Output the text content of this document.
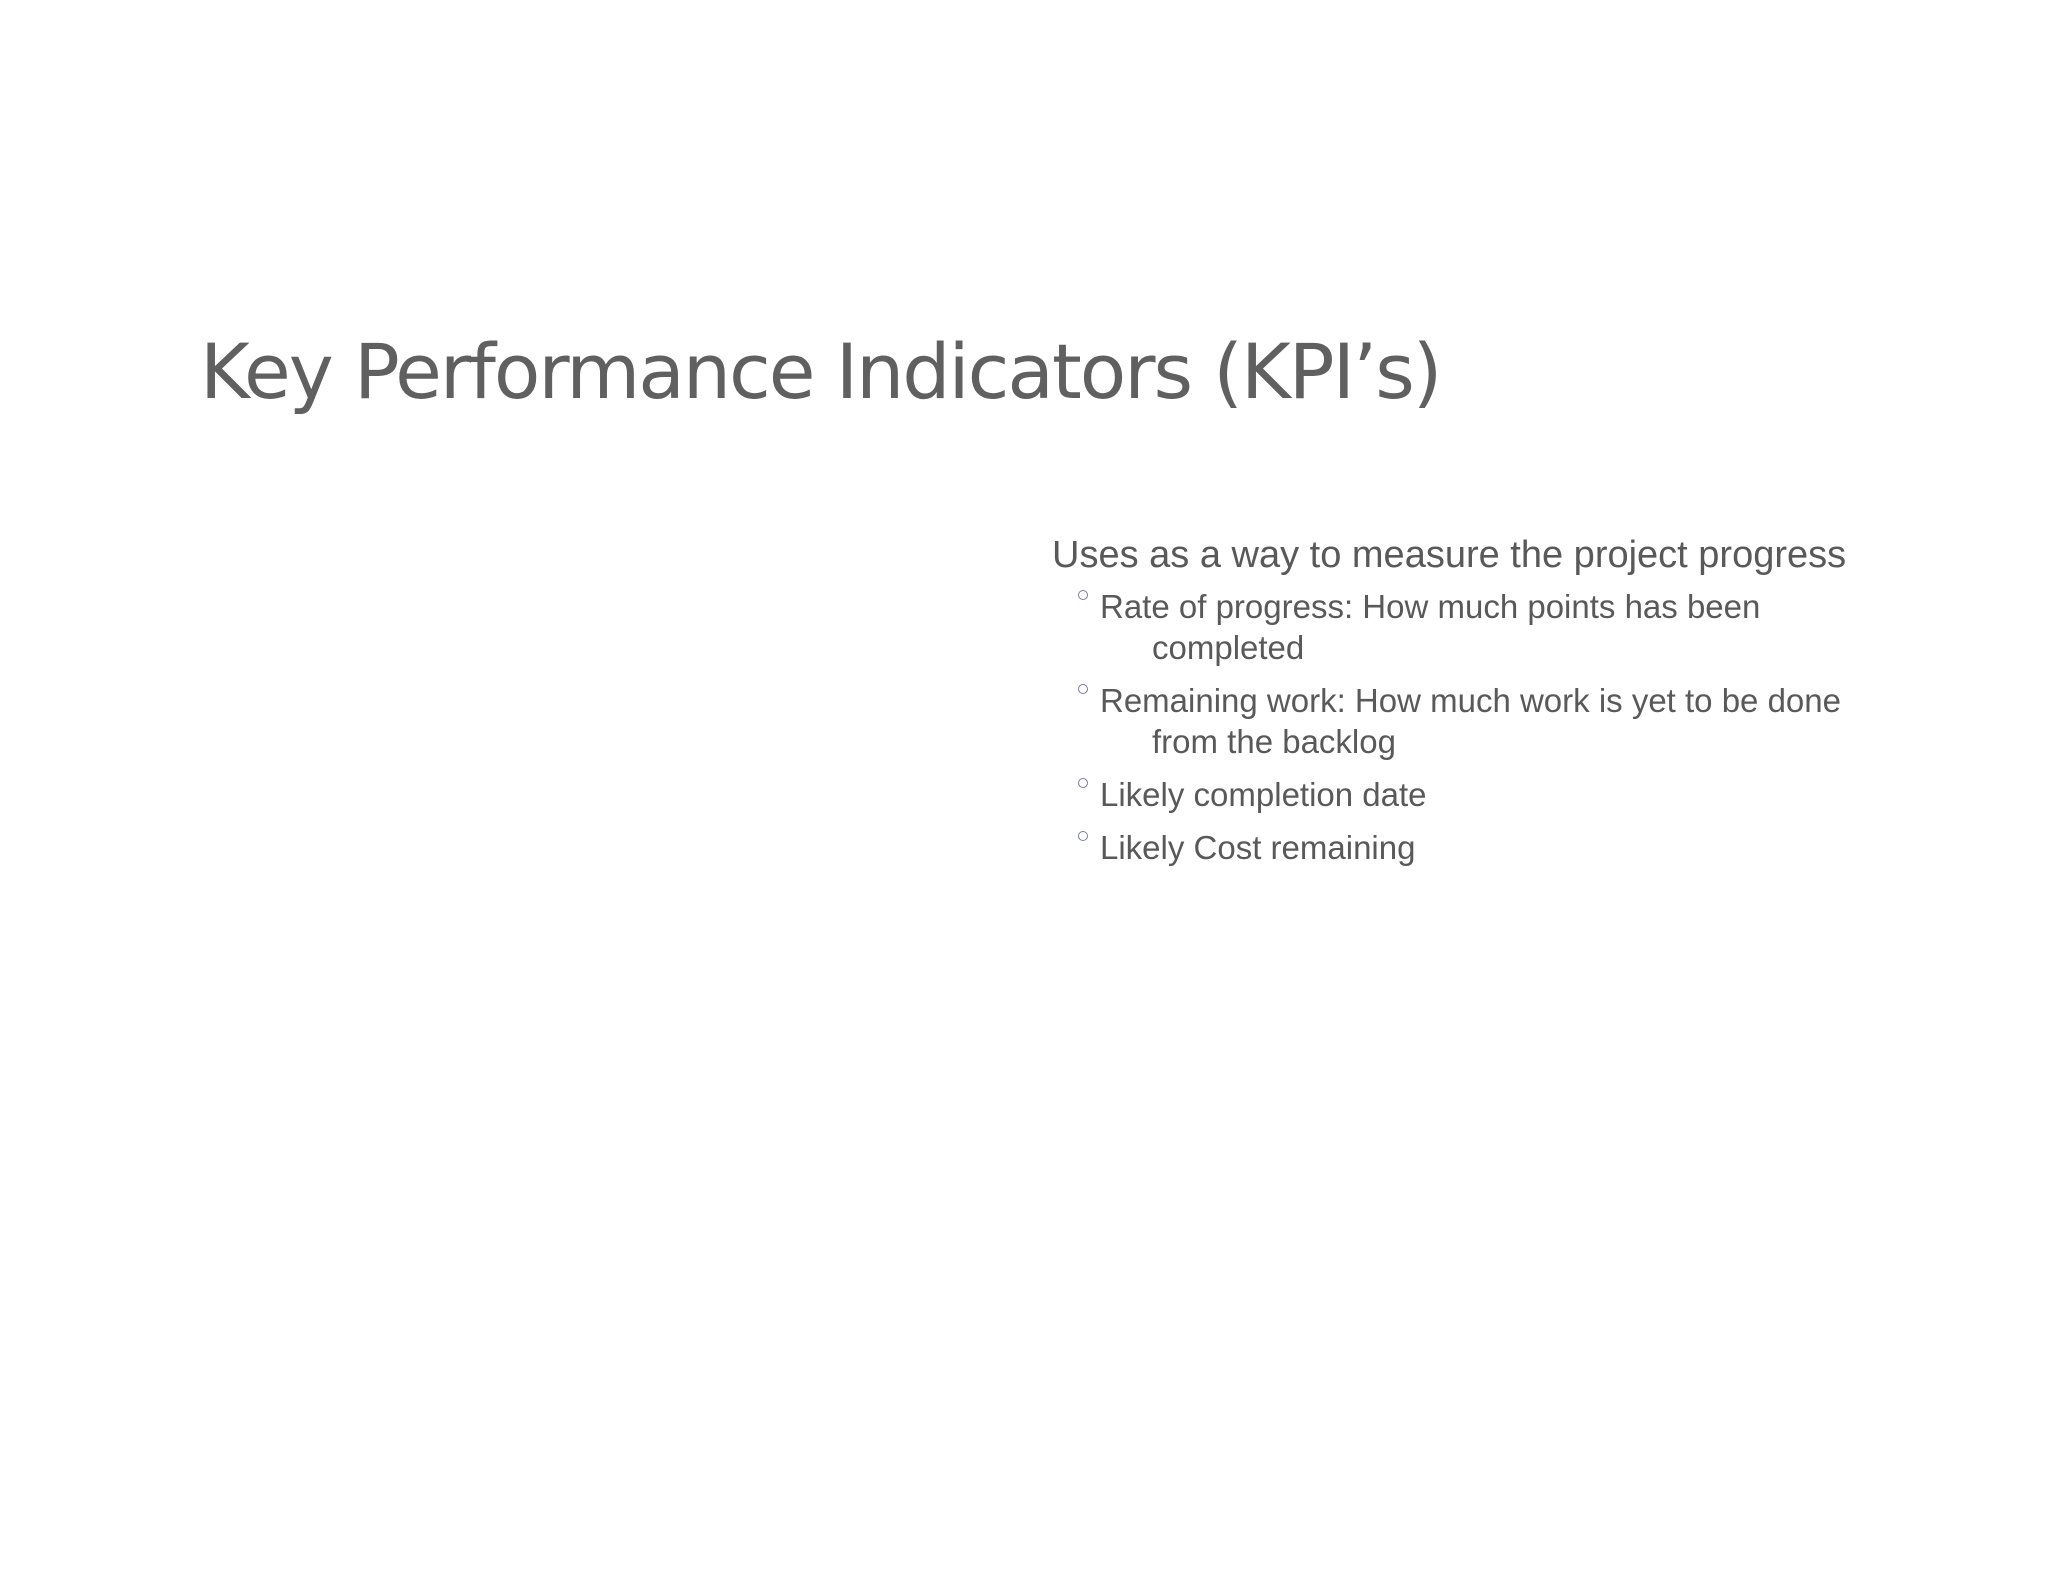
Key Performance Indicators (KPI’s)

Uses as a way to measure the project progress

Rate of progress: How much points has been completed
Remaining work: How much work is yet to be done from the backlog
Likely completion date
Likely Cost remaining
